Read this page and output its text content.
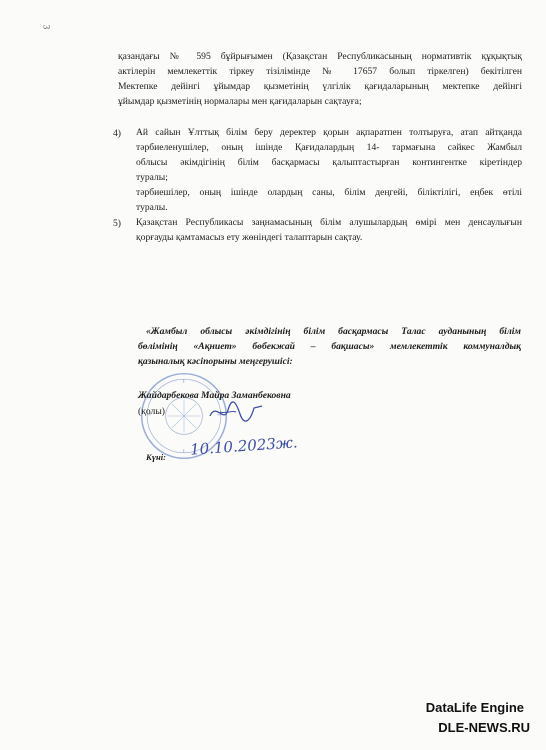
3
қазандағы № 595 бұйрығымен (Қазақстан Республикасының нормативтік құқықтық
актілерін мемлекеттік тіркеу тізілімінде № 17657 болып тіркелген) бекітілген
Мектепке дейінгі ұйымдар қызметінің үлгілік қағидаларының мектепке дейінгі
ұйымдар қызметінің нормалары мен қағидаларын сақтауға;
4) Ай сайын Ұлттық білім беру деректер қорын ақпаратпен толтыруға, атап айтқанда
тәрбиеленушілер, оның ішінде Қағидалардың 14- тармағына сәйкес Жамбыл
облысы әкімдігінің білім басқармасы қалыптастырған контингентке кіретіндер
туралы;
тәрбиешілер, оның ішінде олардың саны, білім деңгейі, біліктілігі, еңбек өтілі
туралы.
5) Қазақстан Республикасы заңнамасының білім алушылардың өмірі мен денсаулығын
қорғауды қамтамасыз ету жөніндегі талаптарын сақтау.
«Жамбыл облысы әкімдігінің білім басқармасы Талас ауданының білім
бөлімінің «Ақниет» бөбекжай – бақшасы» мемлекеттік коммуналдық
қазыналық кәсіпорыны меңгерушісі:
Жайдарбекова Майра Заманбековна
(қолы)
Күні: 10.10.2023ж.
DataLife Engine
DLE-NEWS.RU
